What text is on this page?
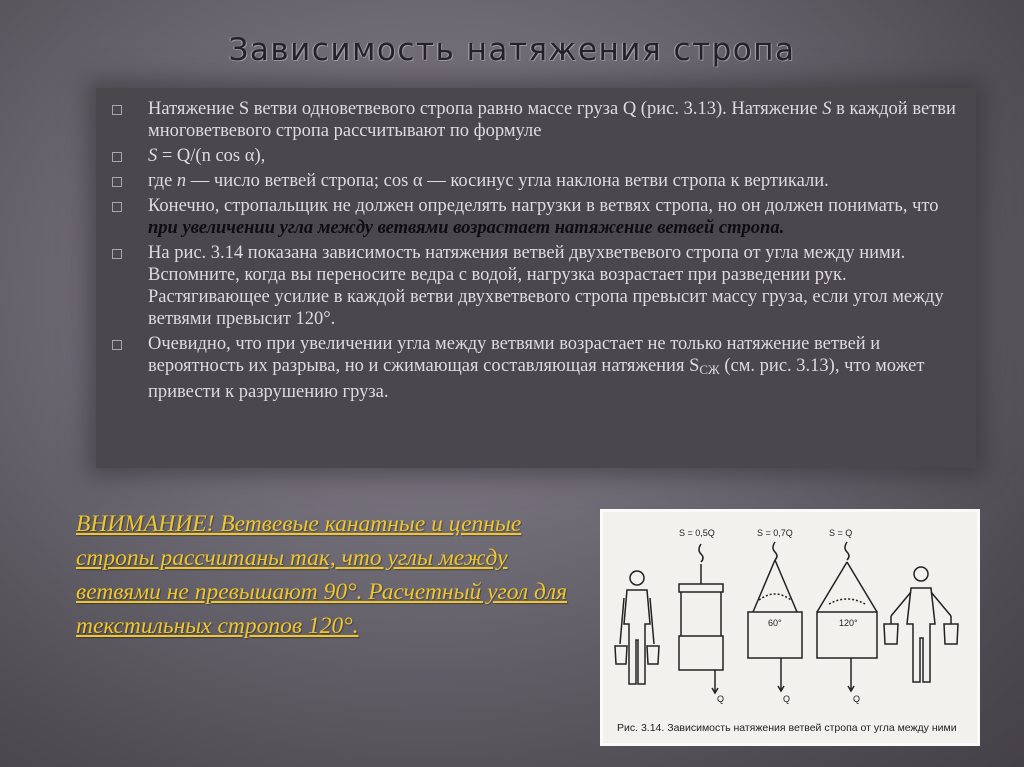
Зависимость натяжения стропа
Натяжение S ветви одноветвевого стропа равно массе груза Q (рис. 3.13). Натяжение S в каждой ветви многоветвевого стропа рассчитывают по формуле
S = Q/(n cos α),
где n — число ветвей стропа; cos α — косинус угла наклона ветви стропа к вертикали.
Конечно, стропальщик не должен определять нагрузки в ветвях стропа, но он должен понимать, что при увеличении угла между ветвями возрастает натяжение ветвей стропа.
На рис. 3.14 показана зависимость натяжения ветвей двухветвевого стропа от угла между ними. Вспомните, когда вы переносите ведра с водой, нагрузка возрастает при разведении рук. Растягивающее усилие в каждой ветви двухветвевого стропа превысит массу груза, если угол между ветвями превысит 120°.
Очевидно, что при увеличении угла между ветвями возрастает не только натяжение ветвей и вероятность их разрыва, но и сжимающая составляющая натяжения $S_{СЖ}$ (см. рис. 3.13), что может привести к разрушению груза.
ВНИМАНИЕ! Ветвевые канатные и цепные стропы рассчитаны так, что углы между ветвями не превышают 90°. Расчетный угол для текстильных стропов 120°.
S = 0,5Q	S = 0,7Q	S = Q
60°	120°
Q	Q	Q
Рис. 3.14. Зависимость натяжения ветвей стропа от угла между ними
